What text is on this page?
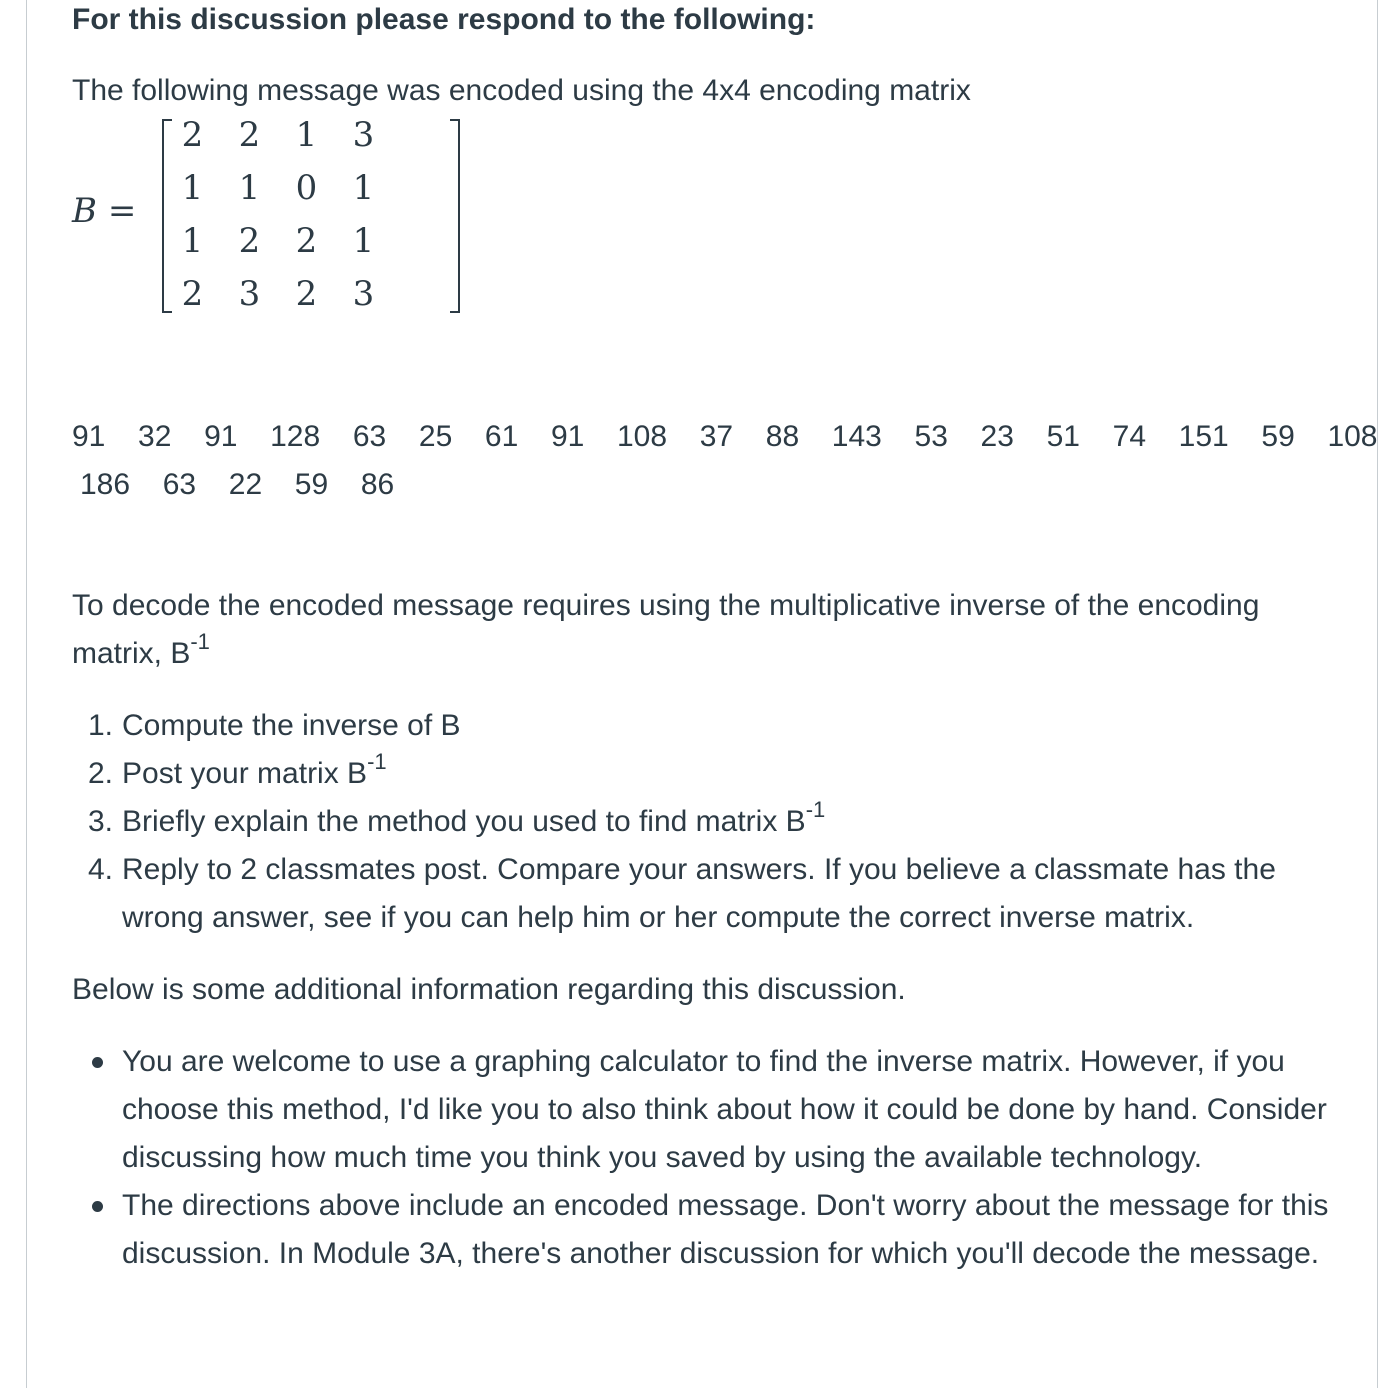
For this discussion please respond to the following:
The following message was encoded using the 4x4 encoding matrix
B =
2	2	1	3
1	1	0	1
1	2	2	1
2	3	2	3
91  32  91  128  63  25  61  91  108  37  88  143  53  23  51  74  151  59  108
186  63  22  59  86
To decode the encoded message requires using the multiplicative inverse of the encoding matrix, $B^{-1}$
1. Compute the inverse of B
2. Post your matrix $B^{-1}$
3. Briefly explain the method you used to find matrix $B^{-1}$
4. Reply to 2 classmates post. Compare your answers. If you believe a classmate has the wrong answer, see if you can help him or her compute the correct inverse matrix.
Below is some additional information regarding this discussion.
You are welcome to use a graphing calculator to find the inverse matrix. However, if you choose this method, I'd like you to also think about how it could be done by hand. Consider discussing how much time you think you saved by using the available technology.
The directions above include an encoded message. Don't worry about the message for this discussion. In Module 3A, there's another discussion for which you'll decode the message.
